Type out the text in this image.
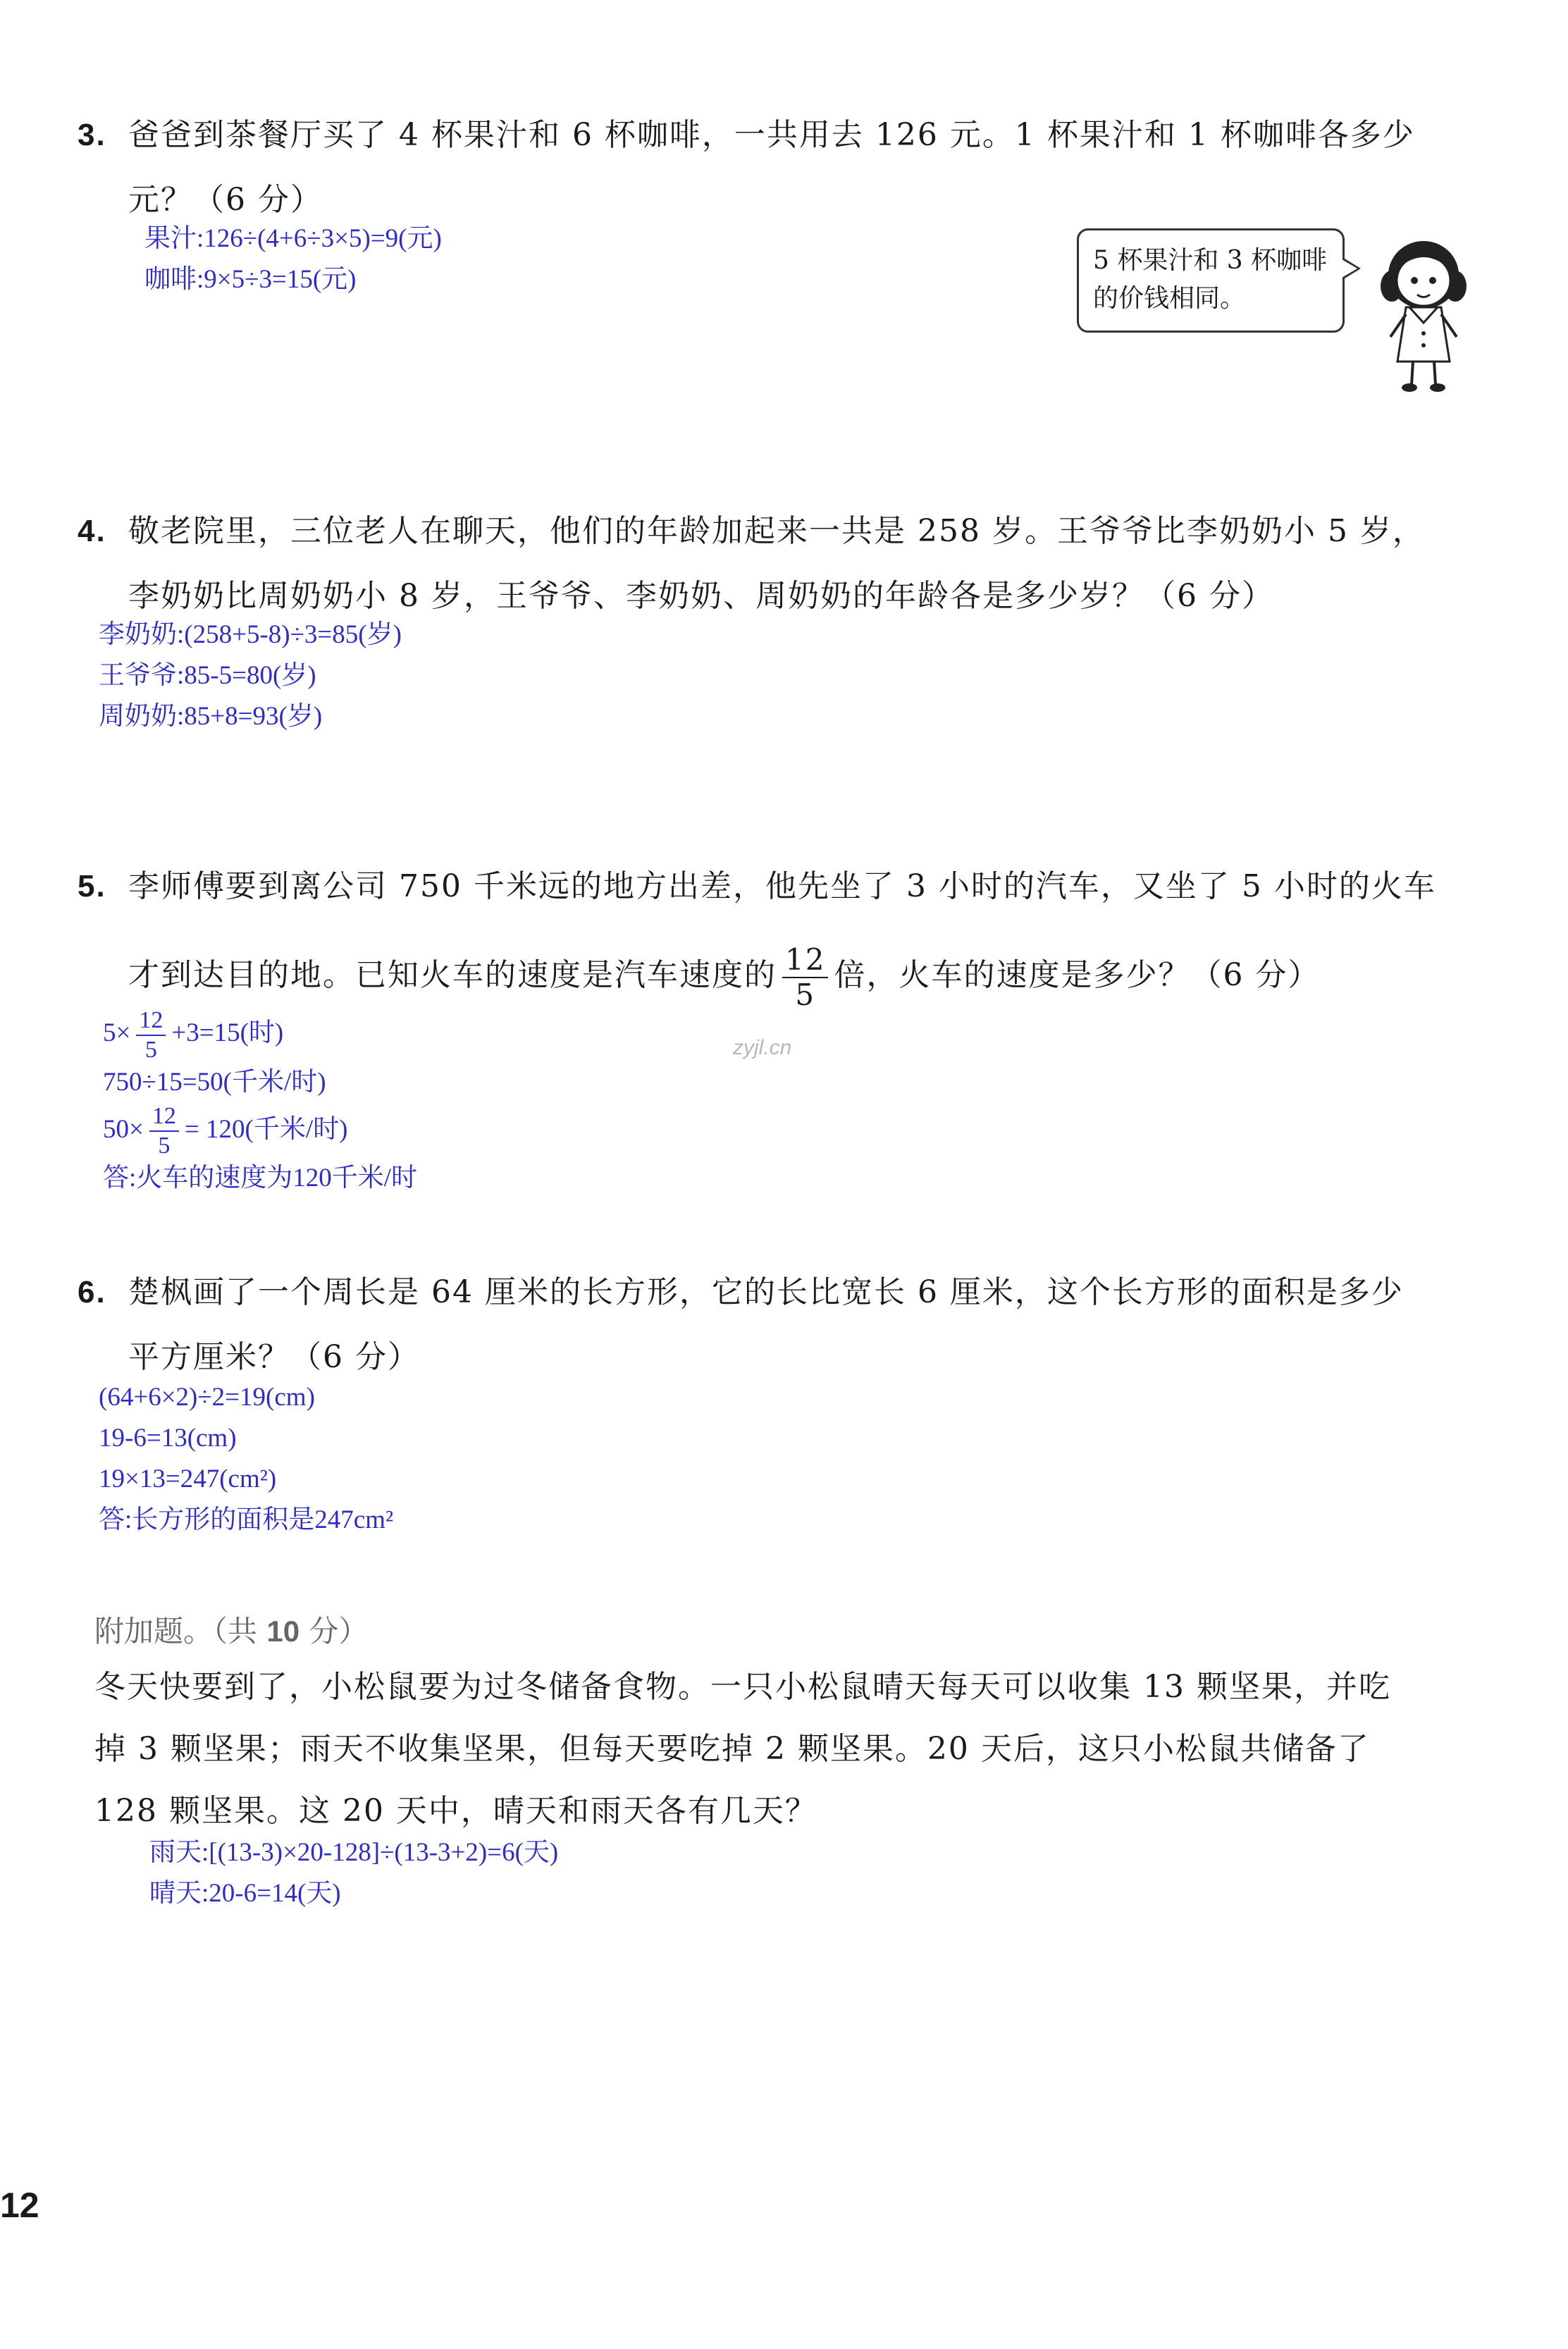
3. 爸爸到茶餐厅买了 4 杯果汁和 6 杯咖啡，一共用去 126 元。1 杯果汁和 1 杯咖啡各多少
元？（6 分）
果汁:126÷(4+6÷3×5)=9(元)
咖啡:9×5÷3=15(元)
5 杯果汁和 3 杯咖啡
的价钱相同。
4. 敬老院里，三位老人在聊天，他们的年龄加起来一共是 258 岁。王爷爷比李奶奶小 5 岁，
李奶奶比周奶奶小 8 岁，王爷爷、李奶奶、周奶奶的年龄各是多少岁？（6 分）
李奶奶:(258+5-8)÷3=85(岁)
王爷爷:85-5=80(岁)
周奶奶:85+8=93(岁)
5. 李师傅要到离公司 750 千米远的地方出差，他先坐了 3 小时的汽车，又坐了 5 小时的火车
才到达目的地。已知火车的速度是汽车速度的 $\frac{12}{5}$ 倍，火车的速度是多少？（6 分）
$5\times \frac{12}{5} +3=15$(时)
750÷15=50(千米/时)
$50\times \frac{12}{5} = 120$(千米/时)
答:火车的速度为120千米/时
6. 楚枫画了一个周长是 64 厘米的长方形，它的长比宽长 6 厘米，这个长方形的面积是多少
平方厘米？（6 分）
(64+6×2)÷2=19(cm)
19-6=13(cm)
19×13=247(cm²)
答:长方形的面积是247cm²
附加题。（共 10 分）
冬天快要到了，小松鼠要为过冬储备食物。一只小松鼠晴天每天可以收集 13 颗坚果，并吃
掉 3 颗坚果；雨天不收集坚果，但每天要吃掉 2 颗坚果。20 天后，这只小松鼠共储备了
128 颗坚果。这 20 天中，晴天和雨天各有几天？
雨天:[(13-3)×20-128]÷(13-3+2)=6(天)
晴天:20-6=14(天)
zyjl.cn
12
